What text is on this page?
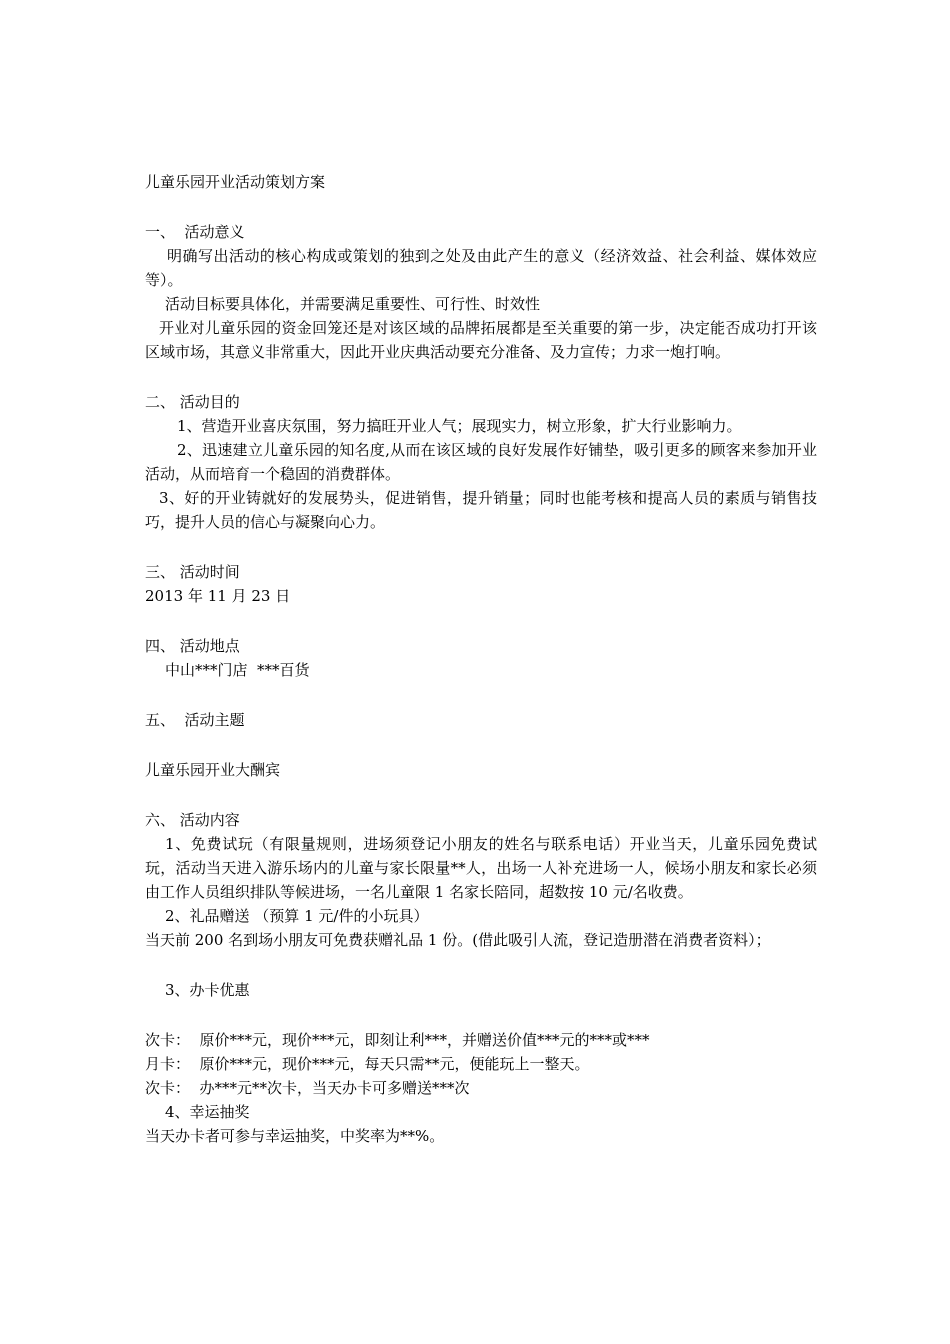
儿童乐园开业活动策划方案

一、  活动意义

明确写出活动的核心构成或策划的独到之处及由此产生的意义（经济效益、社会利益、媒体效应等）。

活动目标要具体化，并需要满足重要性、可行性、时效性

开业对儿童乐园的资金回笼还是对该区域的品牌拓展都是至关重要的第一步，决定能否成功打开该区域市场，其意义非常重大，因此开业庆典活动要充分准备、及力宣传；力求一炮打响。

二、 活动目的

1、营造开业喜庆氛围，努力搞旺开业人气；展现实力，树立形象，扩大行业影响力。

2、迅速建立儿童乐园的知名度,从而在该区域的良好发展作好铺垫，吸引更多的顾客来参加开业活动，从而培育一个稳固的消费群体。

3、好的开业铸就好的发展势头，促进销售，提升销量；同时也能考核和提高人员的素质与销售技巧，提升人员的信心与凝聚向心力。

三、 活动时间

2013 年 11 月 23 日

四、 活动地点

中山***门店  ***百货

五、  活动主题

儿童乐园开业大酬宾

六、 活动内容

1、免费试玩（有限量规则，进场须登记小朋友的姓名与联系电话）开业当天，儿童乐园免费试玩，活动当天进入游乐场内的儿童与家长限量**人，出场一人补充进场一人，候场小朋友和家长必须由工作人员组织排队等候进场，一名儿童限 1 名家长陪同，超数按 10 元/名收费。

2、礼品赠送 （预算 1 元/件的小玩具）

当天前 200 名到场小朋友可免费获赠礼品 1 份。(借此吸引人流，登记造册潜在消费者资料）；

3、办卡优惠

次卡：  原价***元，现价***元，即刻让利***，并赠送价值***元的***或***

月卡：  原价***元，现价***元，每天只需**元，便能玩上一整天。

次卡：  办***元**次卡，当天办卡可多赠送***次

4、幸运抽奖

当天办卡者可参与幸运抽奖，中奖率为**%。
